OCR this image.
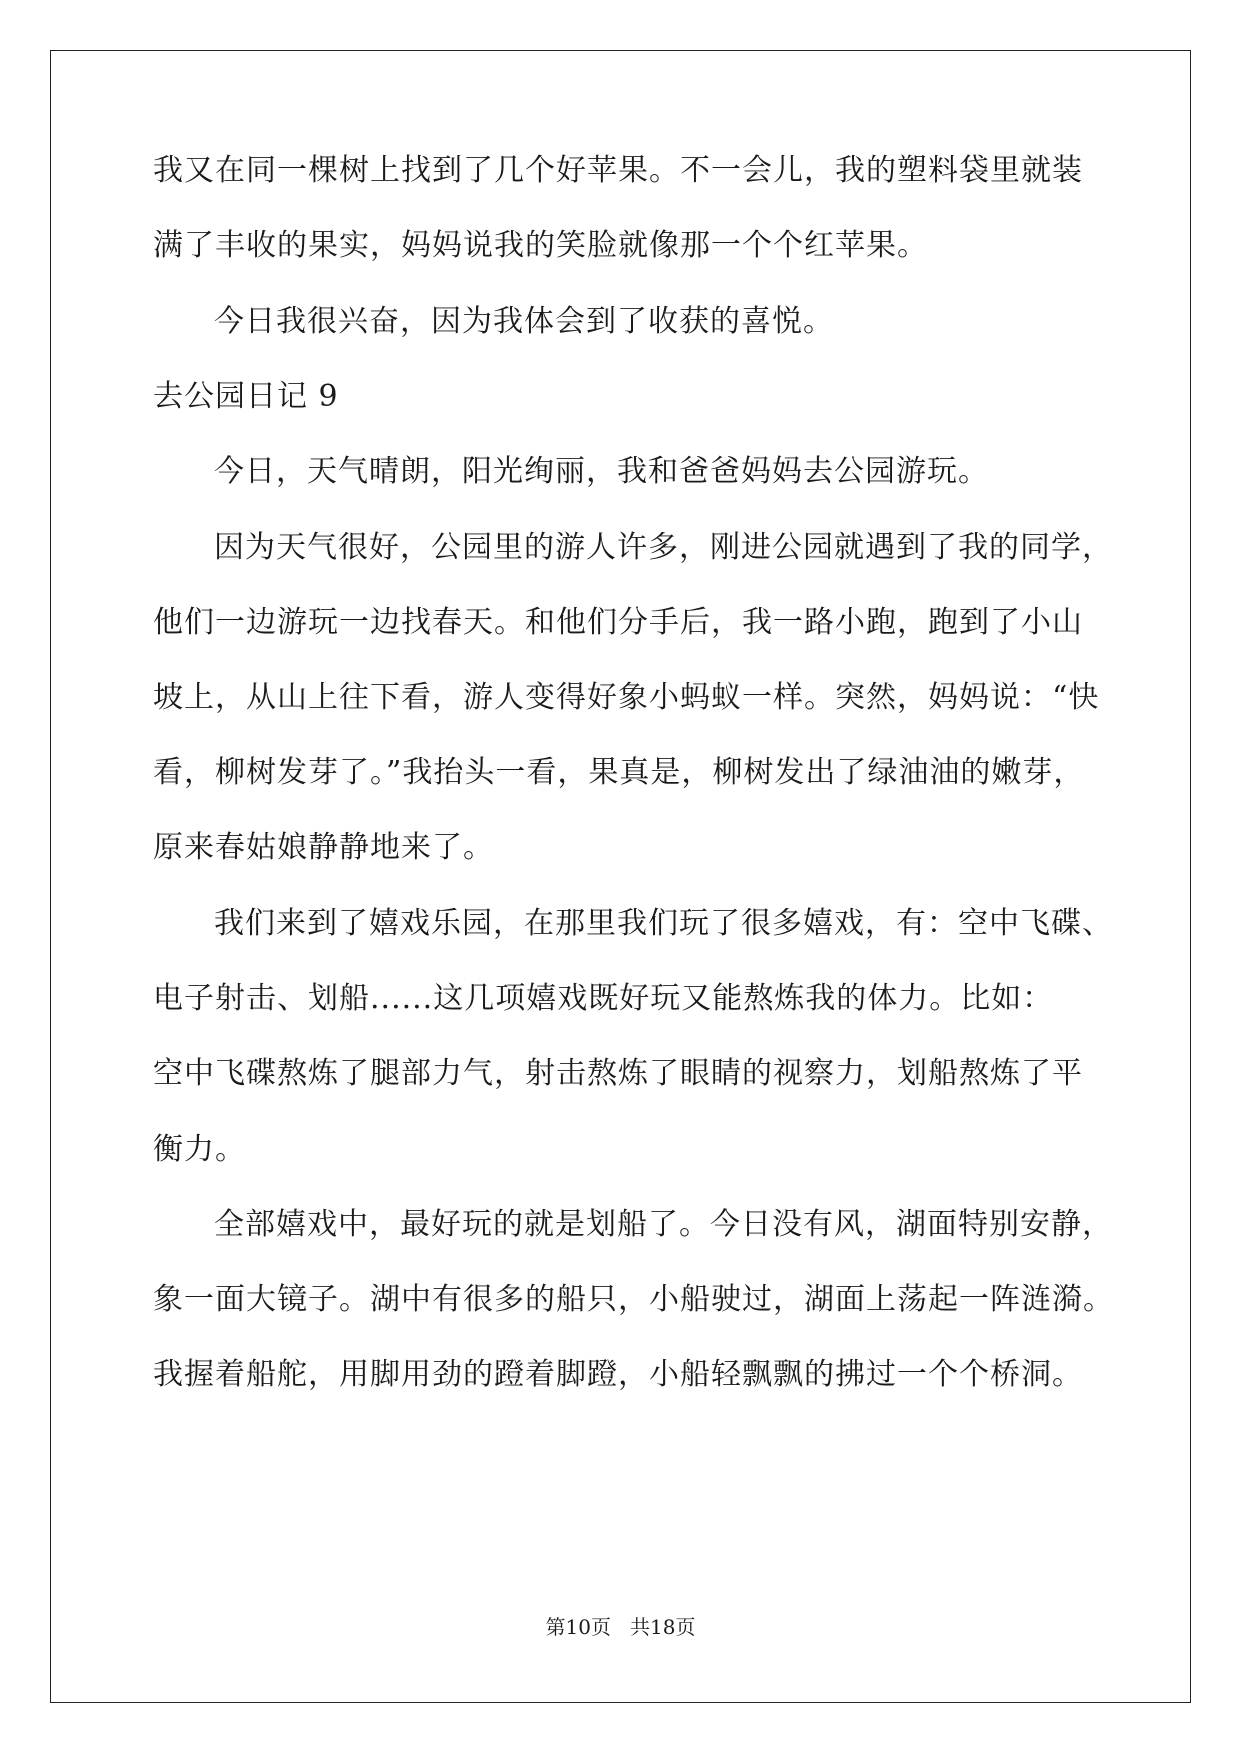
我又在同一棵树上找到了几个好苹果。不一会儿，我的塑料袋里就装
满了丰收的果实，妈妈说我的笑脸就像那一个个红苹果。
今日我很兴奋，因为我体会到了收获的喜悦。
去公园日记 9
今日，天气晴朗，阳光绚丽，我和爸爸妈妈去公园游玩。
因为天气很好，公园里的游人许多，刚进公园就遇到了我的同学，
他们一边游玩一边找春天。和他们分手后，我一路小跑，跑到了小山
坡上，从山上往下看，游人变得好象小蚂蚁一样。突然，妈妈说：“快
看，柳树发芽了。”我抬头一看，果真是，柳树发出了绿油油的嫩芽，
原来春姑娘静静地来了。
我们来到了嬉戏乐园，在那里我们玩了很多嬉戏，有：空中飞碟、
电子射击、划船......这几项嬉戏既好玩又能熬炼我的体力。比如：
空中飞碟熬炼了腿部力气，射击熬炼了眼睛的视察力，划船熬炼了平
衡力。
全部嬉戏中，最好玩的就是划船了。今日没有风，湖面特别安静，
象一面大镜子。湖中有很多的船只，小船驶过，湖面上荡起一阵涟漪。
我握着船舵，用脚用劲的蹬着脚蹬，小船轻飘飘的拂过一个个桥洞。
第10页 共18页
